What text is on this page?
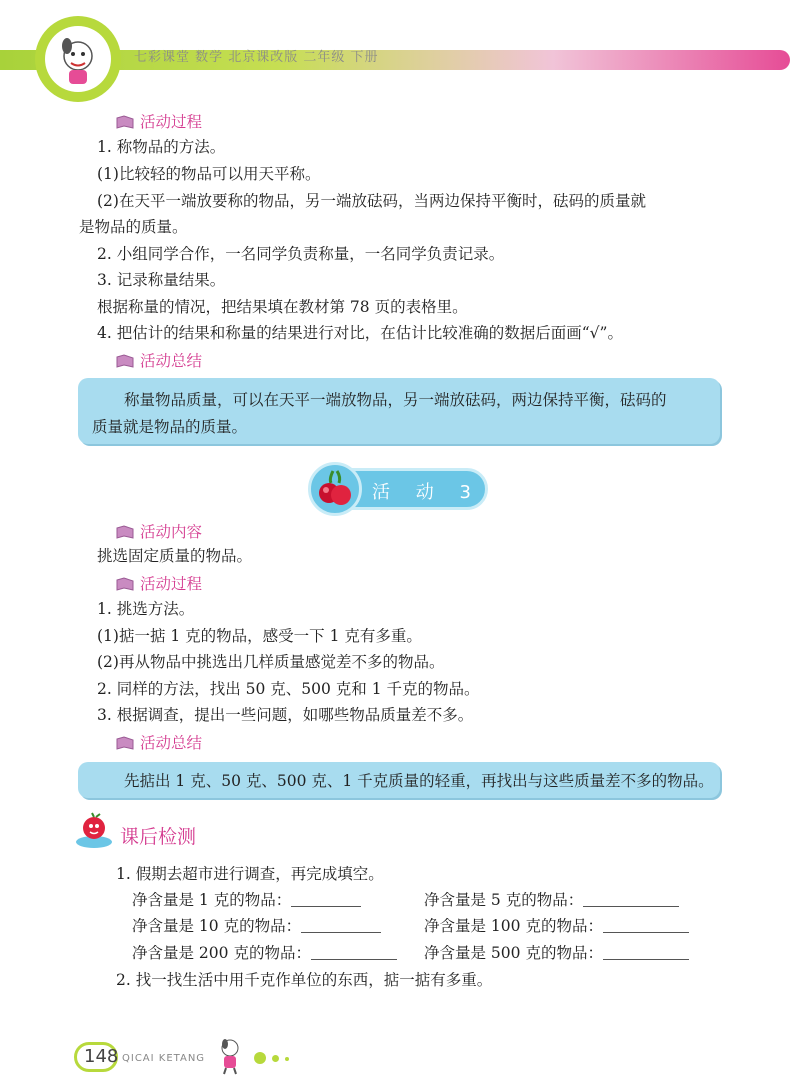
七彩课堂 数学 北京课改版 二年级 下册
活动过程
1. 称物品的方法。
(1)比较轻的物品可以用天平称。
(2)在天平一端放要称的物品，另一端放砝码，当两边保持平衡时，砝码的质量就
是物品的质量。
2. 小组同学合作，一名同学负责称量，一名同学负责记录。
3. 记录称量结果。
根据称量的情况，把结果填在教材第 78 页的表格里。
4. 把估计的结果和称量的结果进行对比，在估计比较准确的数据后面画“√”。
活动总结
称量物品质量，可以在天平一端放物品，另一端放砝码，两边保持平衡，砝码的
质量就是物品的质量。
活 动 3
活动内容
挑选固定质量的物品。
活动过程
1. 挑选方法。
(1)掂一掂 1 克的物品，感受一下 1 克有多重。
(2)再从物品中挑选出几样质量感觉差不多的物品。
2. 同样的方法，找出 50 克、500 克和 1 千克的物品。
3. 根据调查，提出一些问题，如哪些物品质量差不多。
活动总结
先掂出 1 克、50 克、500 克、1 千克质量的轻重，再找出与这些质量差不多的物品。
课后检测
1. 假期去超市进行调查，再完成填空。
净含量是 1 克的物品：	净含量是 5 克的物品：
净含量是 10 克的物品：	净含量是 100 克的物品：
净含量是 200 克的物品：	净含量是 500 克的物品：
2. 找一找生活中用千克作单位的东西，掂一掂有多重。
148 QICAI KETANG
